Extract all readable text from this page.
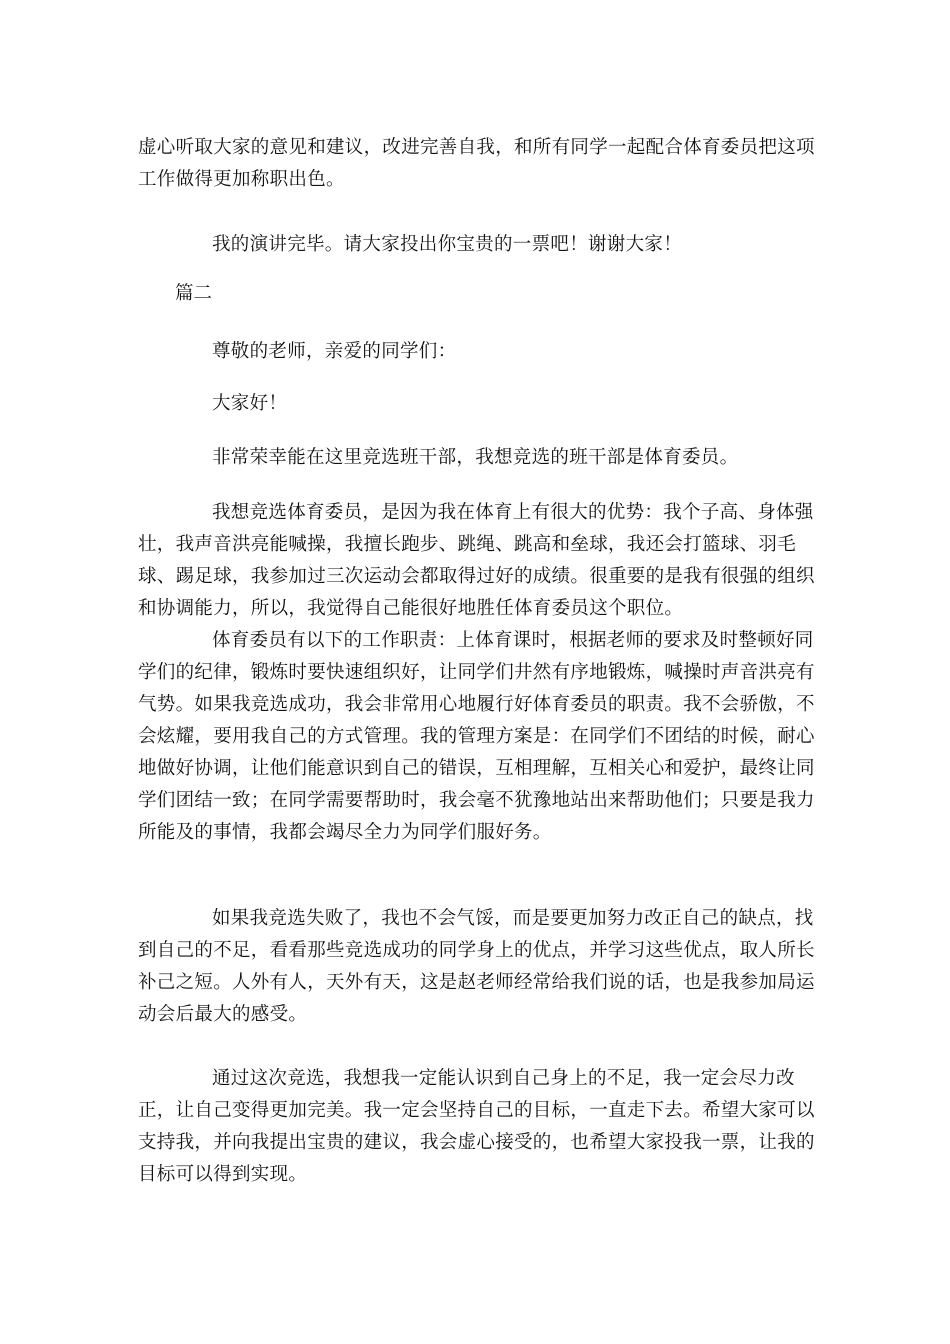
虚心听取大家的意见和建议，改进完善自我，和所有同学一起配合体育委员把这项工作做得更加称职出色。

我的演讲完毕。请大家投出你宝贵的一票吧！谢谢大家！

篇二

尊敬的老师，亲爱的同学们：

大家好！

非常荣幸能在这里竞选班干部，我想竞选的班干部是体育委员。

我想竞选体育委员，是因为我在体育上有很大的优势：我个子高、身体强壮，我声音洪亮能喊操，我擅长跑步、跳绳、跳高和垒球，我还会打篮球、羽毛球、踢足球，我参加过三次运动会都取得过好的成绩。很重要的是我有很强的组织和协调能力，所以，我觉得自己能很好地胜任体育委员这个职位。

体育委员有以下的工作职责：上体育课时，根据老师的要求及时整顿好同学们的纪律，锻炼时要快速组织好，让同学们井然有序地锻炼，喊操时声音洪亮有气势。如果我竞选成功，我会非常用心地履行好体育委员的职责。我不会骄傲，不会炫耀，要用我自己的方式管理。我的管理方案是：在同学们不团结的时候，耐心地做好协调，让他们能意识到自己的错误，互相理解，互相关心和爱护，最终让同学们团结一致；在同学需要帮助时，我会毫不犹豫地站出来帮助他们；只要是我力所能及的事情，我都会竭尽全力为同学们服好务。

如果我竞选失败了，我也不会气馁，而是要更加努力改正自己的缺点，找到自己的不足，看看那些竞选成功的同学身上的优点，并学习这些优点，取人所长补己之短。人外有人，天外有天，这是赵老师经常给我们说的话，也是我参加局运动会后最大的感受。

通过这次竞选，我想我一定能认识到自己身上的不足，我一定会尽力改正，让自己变得更加完美。我一定会坚持自己的目标，一直走下去。希望大家可以支持我，并向我提出宝贵的建议，我会虚心接受的，也希望大家投我一票，让我的目标可以得到实现。
